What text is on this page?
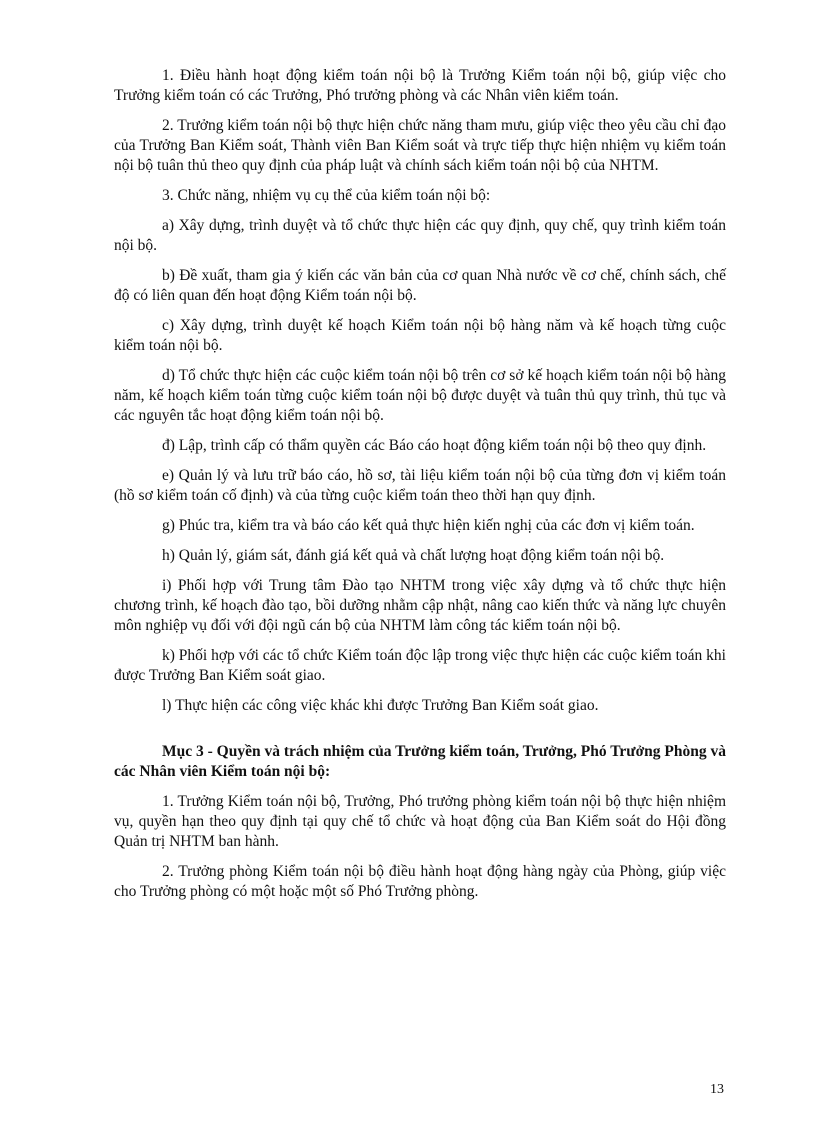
1. Điều hành hoạt động kiểm toán nội bộ là Trưởng Kiểm toán nội bộ, giúp việc cho Trưởng kiểm toán có các Trưởng, Phó trưởng phòng và các Nhân viên kiểm toán.

2. Trưởng kiểm toán nội bộ thực hiện chức năng tham mưu, giúp việc theo yêu cầu chỉ đạo của Trưởng Ban Kiểm soát, Thành viên Ban Kiểm soát và trực tiếp thực hiện nhiệm vụ kiểm toán nội bộ tuân thủ theo quy định của pháp luật và chính sách kiểm toán nội bộ của NHTM.

3. Chức năng, nhiệm vụ cụ thể của kiểm toán nội bộ:

a) Xây dựng, trình duyệt và tổ chức thực hiện các quy định, quy chế, quy trình kiểm toán nội bộ.

b) Đề xuất, tham gia ý kiến các văn bản của cơ quan Nhà nước về cơ chế, chính sách, chế độ có liên quan đến hoạt động Kiểm toán nội bộ.

c) Xây dựng, trình duyệt kế hoạch Kiểm toán nội bộ hàng năm và kế hoạch từng cuộc kiểm toán nội bộ.

d) Tổ chức thực hiện các cuộc kiểm toán nội bộ trên cơ sở kế hoạch kiểm toán nội bộ hàng năm, kế hoạch kiểm toán từng cuộc kiểm toán nội bộ được duyệt và tuân thủ quy trình, thủ tục và các nguyên tắc hoạt động kiểm toán nội bộ.

đ) Lập, trình cấp có thẩm quyền các Báo cáo hoạt động kiểm toán nội bộ theo quy định.

e) Quản lý và lưu trữ báo cáo, hồ sơ, tài liệu kiểm toán nội bộ của từng đơn vị kiểm toán (hồ sơ kiểm toán cố định) và của từng cuộc kiểm toán theo thời hạn quy định.

g) Phúc tra, kiểm tra và báo cáo kết quả thực hiện kiến nghị của các đơn vị kiểm toán.

h) Quản lý, giám sát, đánh giá kết quả và chất lượng hoạt động kiểm toán nội bộ.

i) Phối hợp với Trung tâm Đào tạo NHTM trong việc xây dựng và tổ chức thực hiện chương trình, kế hoạch đào tạo, bồi dưỡng nhằm cập nhật, nâng cao kiến thức và năng lực chuyên môn nghiệp vụ đối với đội ngũ cán bộ của NHTM làm công tác kiểm toán nội bộ.

k) Phối hợp với các tổ chức Kiểm toán độc lập trong việc thực hiện các cuộc kiểm toán khi được Trưởng Ban Kiểm soát giao.

l) Thực hiện các công việc khác khi được Trưởng Ban Kiểm soát giao.

Mục 3 - Quyền và trách nhiệm của Trưởng kiểm toán, Trưởng, Phó Trưởng Phòng và các Nhân viên Kiểm toán nội bộ:

1. Trưởng Kiểm toán nội bộ, Trưởng, Phó trưởng phòng kiểm toán nội bộ thực hiện nhiệm vụ, quyền hạn theo quy định tại quy chế tổ chức và hoạt động của Ban Kiểm soát do Hội đồng Quản trị NHTM ban hành.

2. Trưởng phòng Kiểm toán nội bộ điều hành hoạt động hàng ngày của Phòng, giúp việc cho Trưởng phòng có một hoặc một số Phó Trưởng phòng.

13
